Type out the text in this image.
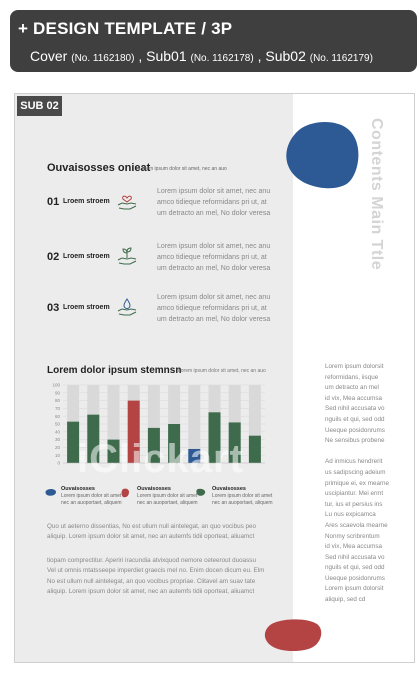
+ DESIGN TEMPLATE / 3P
Cover (No. 1162180) , Sub01 (No. 1162178) , Sub02 (No. 1162179)
SUB 02
Contents Main Ttle
Ouvaisosses onieat
Lorem ipsum dolor sit amet, nec an auo
01 Lroem stroem
Lorem ipsum dolor sit amet, nec anu
amco tidieque reformidans pri ut, at
um detracto an mel, No dolor veresa
02 Lroem stroem
Lorem ipsum dolor sit amet, nec anu
amco tidieque reformidans pri ut, at
um detracto an mel, No dolor veresa
03 Lroem stroem
Lorem ipsum dolor sit amet, nec anu
amco tidieque reformidans pri ut, at
um detracto an mel, No dolor veresa
Lorem dolor ipsum stemnsn
Lorem ipsum dolor sit amet, nec an auo
0
10
20
30
40
50
60
70
80
90
100
Ouvaisosses
Lorem ipsum dolor sit amet
nec an auoportaet, aliquem
Ouvaisosses
Lorem ipsum dolor sit amet
nec an auoportaet, aliquem
Ouvaisosses
Lorem ipsum dolor sit amet
nec an auoportaet, aliquem
Quo ut aeterno dissentias, No est ullum null aintelegat, an quo vocibus peo
aliquip. Lorem ipsum dolor sit amet, nec an autemfs tidii oporteat, aliuamct
tiopam comprectitur. Aperiri iracundia atvixquod nemore ceteerout duoassu
Vel ut omnis mtatsseepe imperdiet graecis mel no. Enim docen dicum eu. Elm
No est ullum null aintelegat, an quo vocibus propriae. Clitavel am suav tate
aliquip. Lorem ipsum dolor sit amet, nec an autemfs tidii oporteat, aliuamct
Lorem ipsum dolorsit
reformidans, iisque
um detracto an mel
id vix, Mea accumsa
Sed nihil accusata vo
nguils et qui, sed odd
Ueeque posidonrums
Ne sensibus probene

Ad inmicus hendrerit
us sadipscing adeium
primique ei, ex mearne
uscipiantur. Mei ermt
tur, ius et persius ins
Lu nus expicamca
Ares scaevola mearne
Nonmy scribrentum
id vix, Mea accumsa
Sed nihil accusata vo
nguils et qui, sed odd
Ueeque posidonrums
Lorem ipsum dolorsit
aliquip, sed cd
iClickart
